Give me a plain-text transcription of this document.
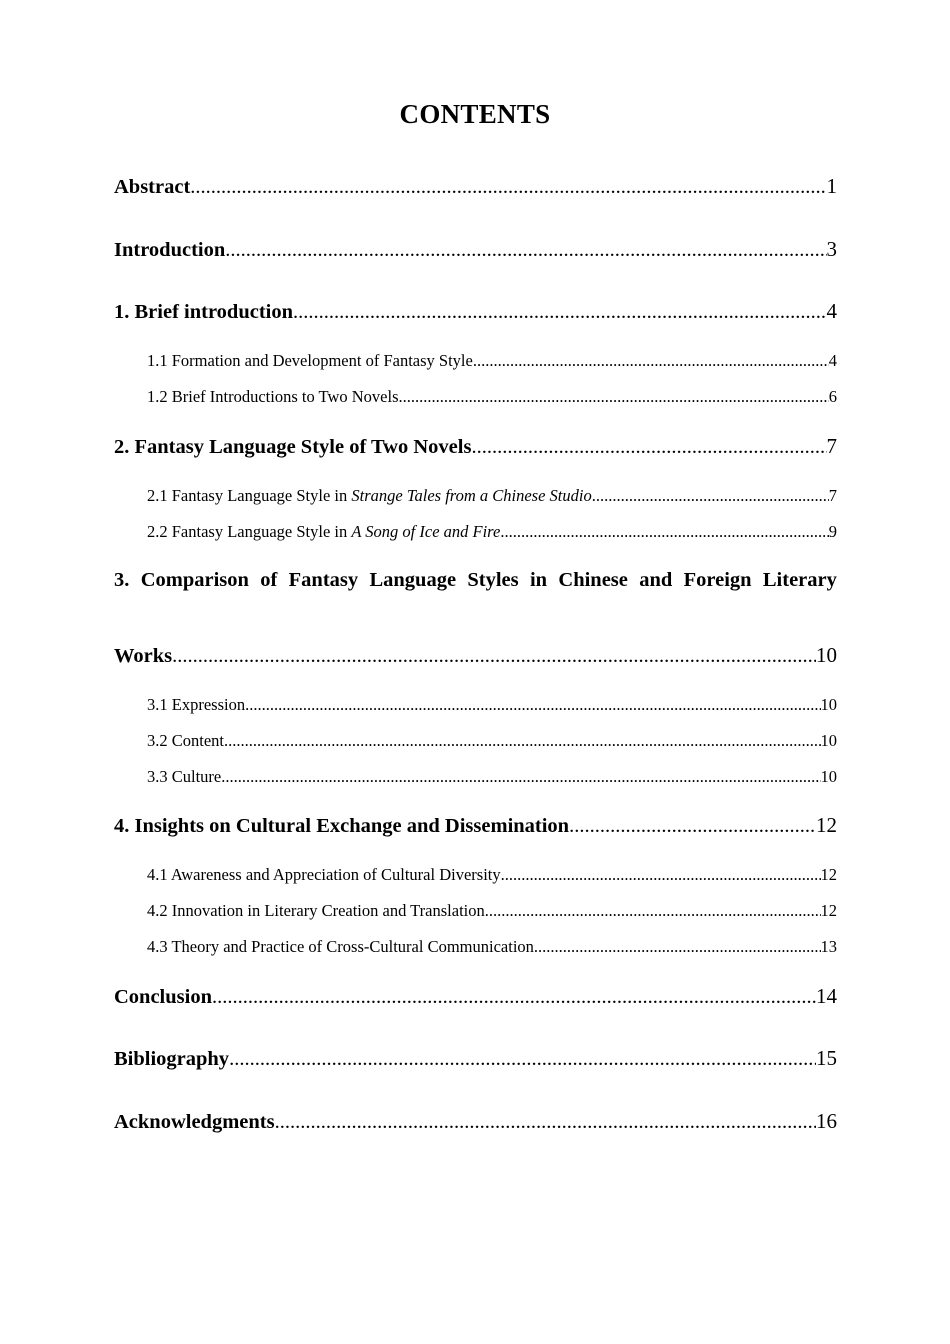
CONTENTS
Abstract .....	1
Introduction .....	3
1. Brief introduction .....	4
1.1 Formation and Development of Fantasy Style .....	4
1.2 Brief Introductions to Two Novels .....	6
2. Fantasy Language Style of Two Novels .....	7
2.1 Fantasy Language Style in Strange Tales from a Chinese Studio .....	7
2.2 Fantasy Language Style in A Song of Ice and Fire .....	9
3. Comparison of Fantasy Language Styles in Chinese and Foreign Literary
Works .....	10
3.1 Expression .....	10
3.2 Content .....	10
3.3 Culture .....	10
4. Insights on Cultural Exchange and Dissemination .....	12
4.1 Awareness and Appreciation of Cultural Diversity .....	12
4.2 Innovation in Literary Creation and Translation .....	12
4.3 Theory and Practice of Cross-Cultural Communication .....	13
Conclusion .....	14
Bibliography .....	15
Acknowledgments .....	16
